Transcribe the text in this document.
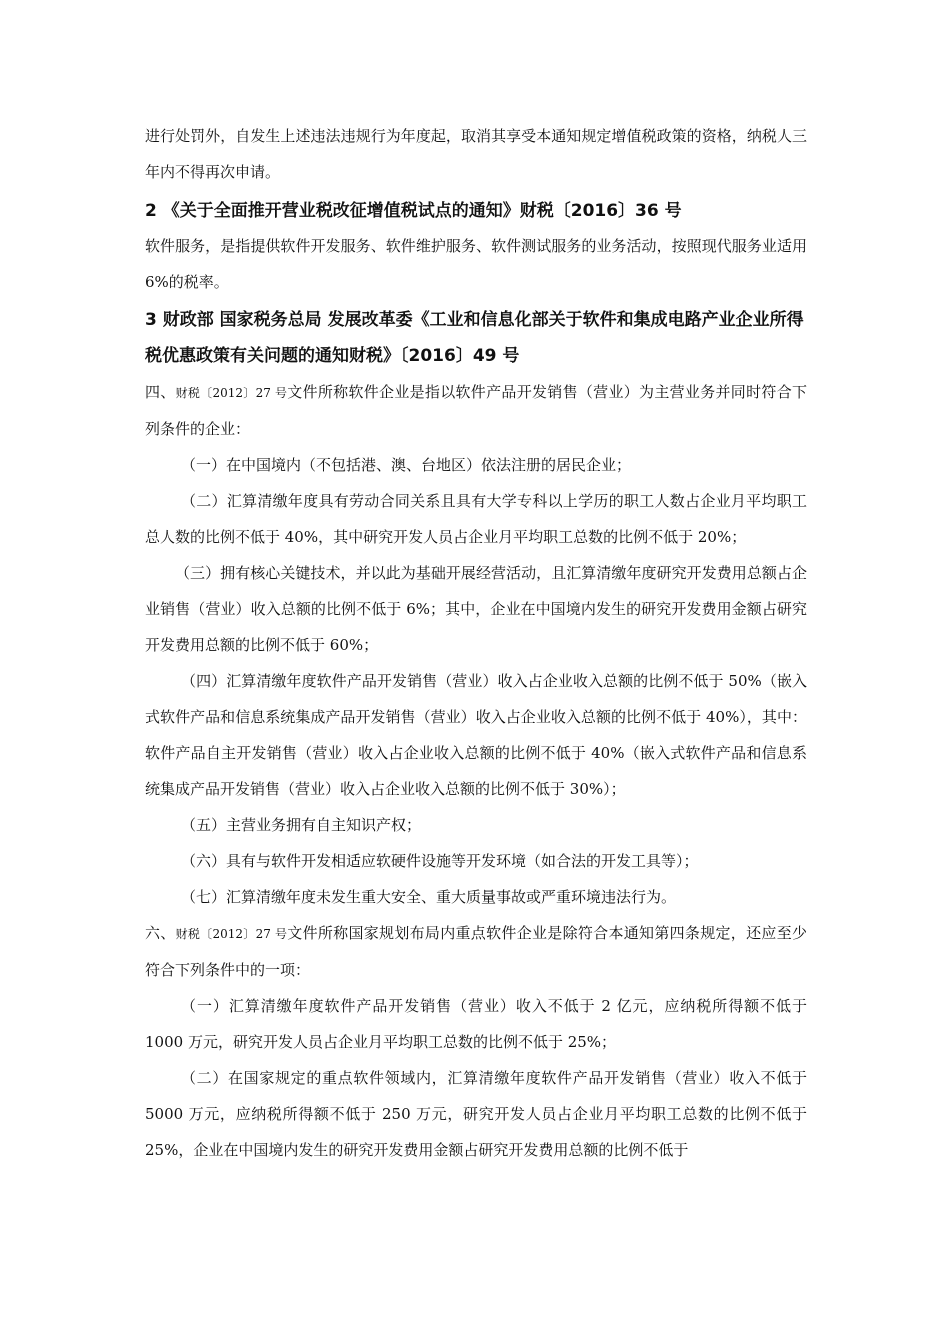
进行处罚外，自发生上述违法违规行为年度起，取消其享受本通知规定增值税政策的资格，纳税人三年内不得再次申请。

2 《关于全面推开营业税改征增值税试点的通知》财税〔2016〕36 号

软件服务，是指提供软件开发服务、软件维护服务、软件测试服务的业务活动，按照现代服务业适用 6%的税率。

3 财政部 国家税务总局 发展改革委《工业和信息化部关于软件和集成电路产业企业所得税优惠政策有关问题的通知财税》〔2016〕49 号

四、财税〔2012〕27 号文件所称软件企业是指以软件产品开发销售（营业）为主营业务并同时符合下列条件的企业：

（一）在中国境内（不包括港、澳、台地区）依法注册的居民企业；

（二）汇算清缴年度具有劳动合同关系且具有大学专科以上学历的职工人数占企业月平均职工总人数的比例不低于 40%，其中研究开发人员占企业月平均职工总数的比例不低于 20%；

（三）拥有核心关键技术，并以此为基础开展经营活动，且汇算清缴年度研究开发费用总额占企业销售（营业）收入总额的比例不低于 6%；其中，企业在中国境内发生的研究开发费用金额占研究开发费用总额的比例不低于 60%；

（四）汇算清缴年度软件产品开发销售（营业）收入占企业收入总额的比例不低于 50%（嵌入式软件产品和信息系统集成产品开发销售（营业）收入占企业收入总额的比例不低于 40%），其中：软件产品自主开发销售（营业）收入占企业收入总额的比例不低于 40%（嵌入式软件产品和信息系统集成产品开发销售（营业）收入占企业收入总额的比例不低于 30%）；

（五）主营业务拥有自主知识产权；

（六）具有与软件开发相适应软硬件设施等开发环境（如合法的开发工具等）；

（七）汇算清缴年度未发生重大安全、重大质量事故或严重环境违法行为。

六、财税〔2012〕27 号文件所称国家规划布局内重点软件企业是除符合本通知第四条规定，还应至少符合下列条件中的一项：

（一）汇算清缴年度软件产品开发销售（营业）收入不低于 2 亿元，应纳税所得额不低于 1000 万元，研究开发人员占企业月平均职工总数的比例不低于 25%；

（二）在国家规定的重点软件领域内，汇算清缴年度软件产品开发销售（营业）收入不低于 5000 万元，应纳税所得额不低于 250 万元，研究开发人员占企业月平均职工总数的比例不低于 25%，企业在中国境内发生的研究开发费用金额占研究开发费用总额的比例不低于
